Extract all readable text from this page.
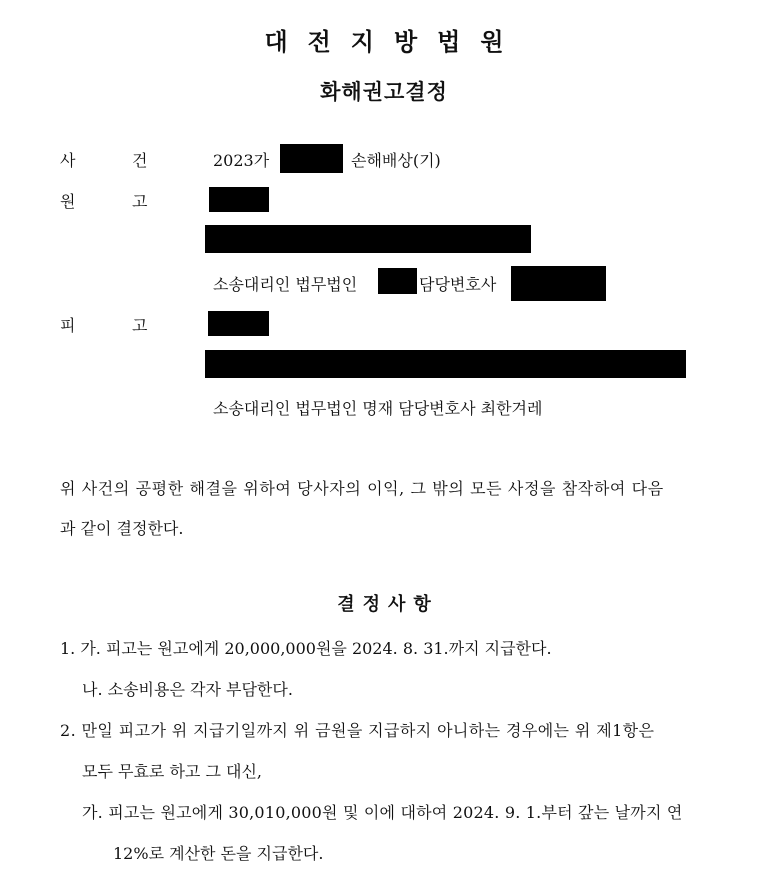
대전지방법원
화해권고결정
사	건	2023가	손해배상(기)
원	고
소송대리인 법무법인	담당변호사
피	고
소송대리인 법무법인 명재 담당변호사 최한겨레
위 사건의 공평한 해결을 위하여 당사자의 이익, 그 밖의 모든 사정을 참작하여 다음
과 같이 결정한다.
결정사항
1. 가. 피고는 원고에게 20,000,000원을 2024. 8. 31.까지 지급한다.
나. 소송비용은 각자 부담한다.
2. 만일 피고가 위 지급기일까지 위 금원을 지급하지 아니하는 경우에는 위 제1항은
모두 무효로 하고 그 대신,
가. 피고는 원고에게 30,010,000원 및 이에 대하여 2024. 9. 1.부터 갚는 날까지 연
12%로 계산한 돈을 지급한다.
